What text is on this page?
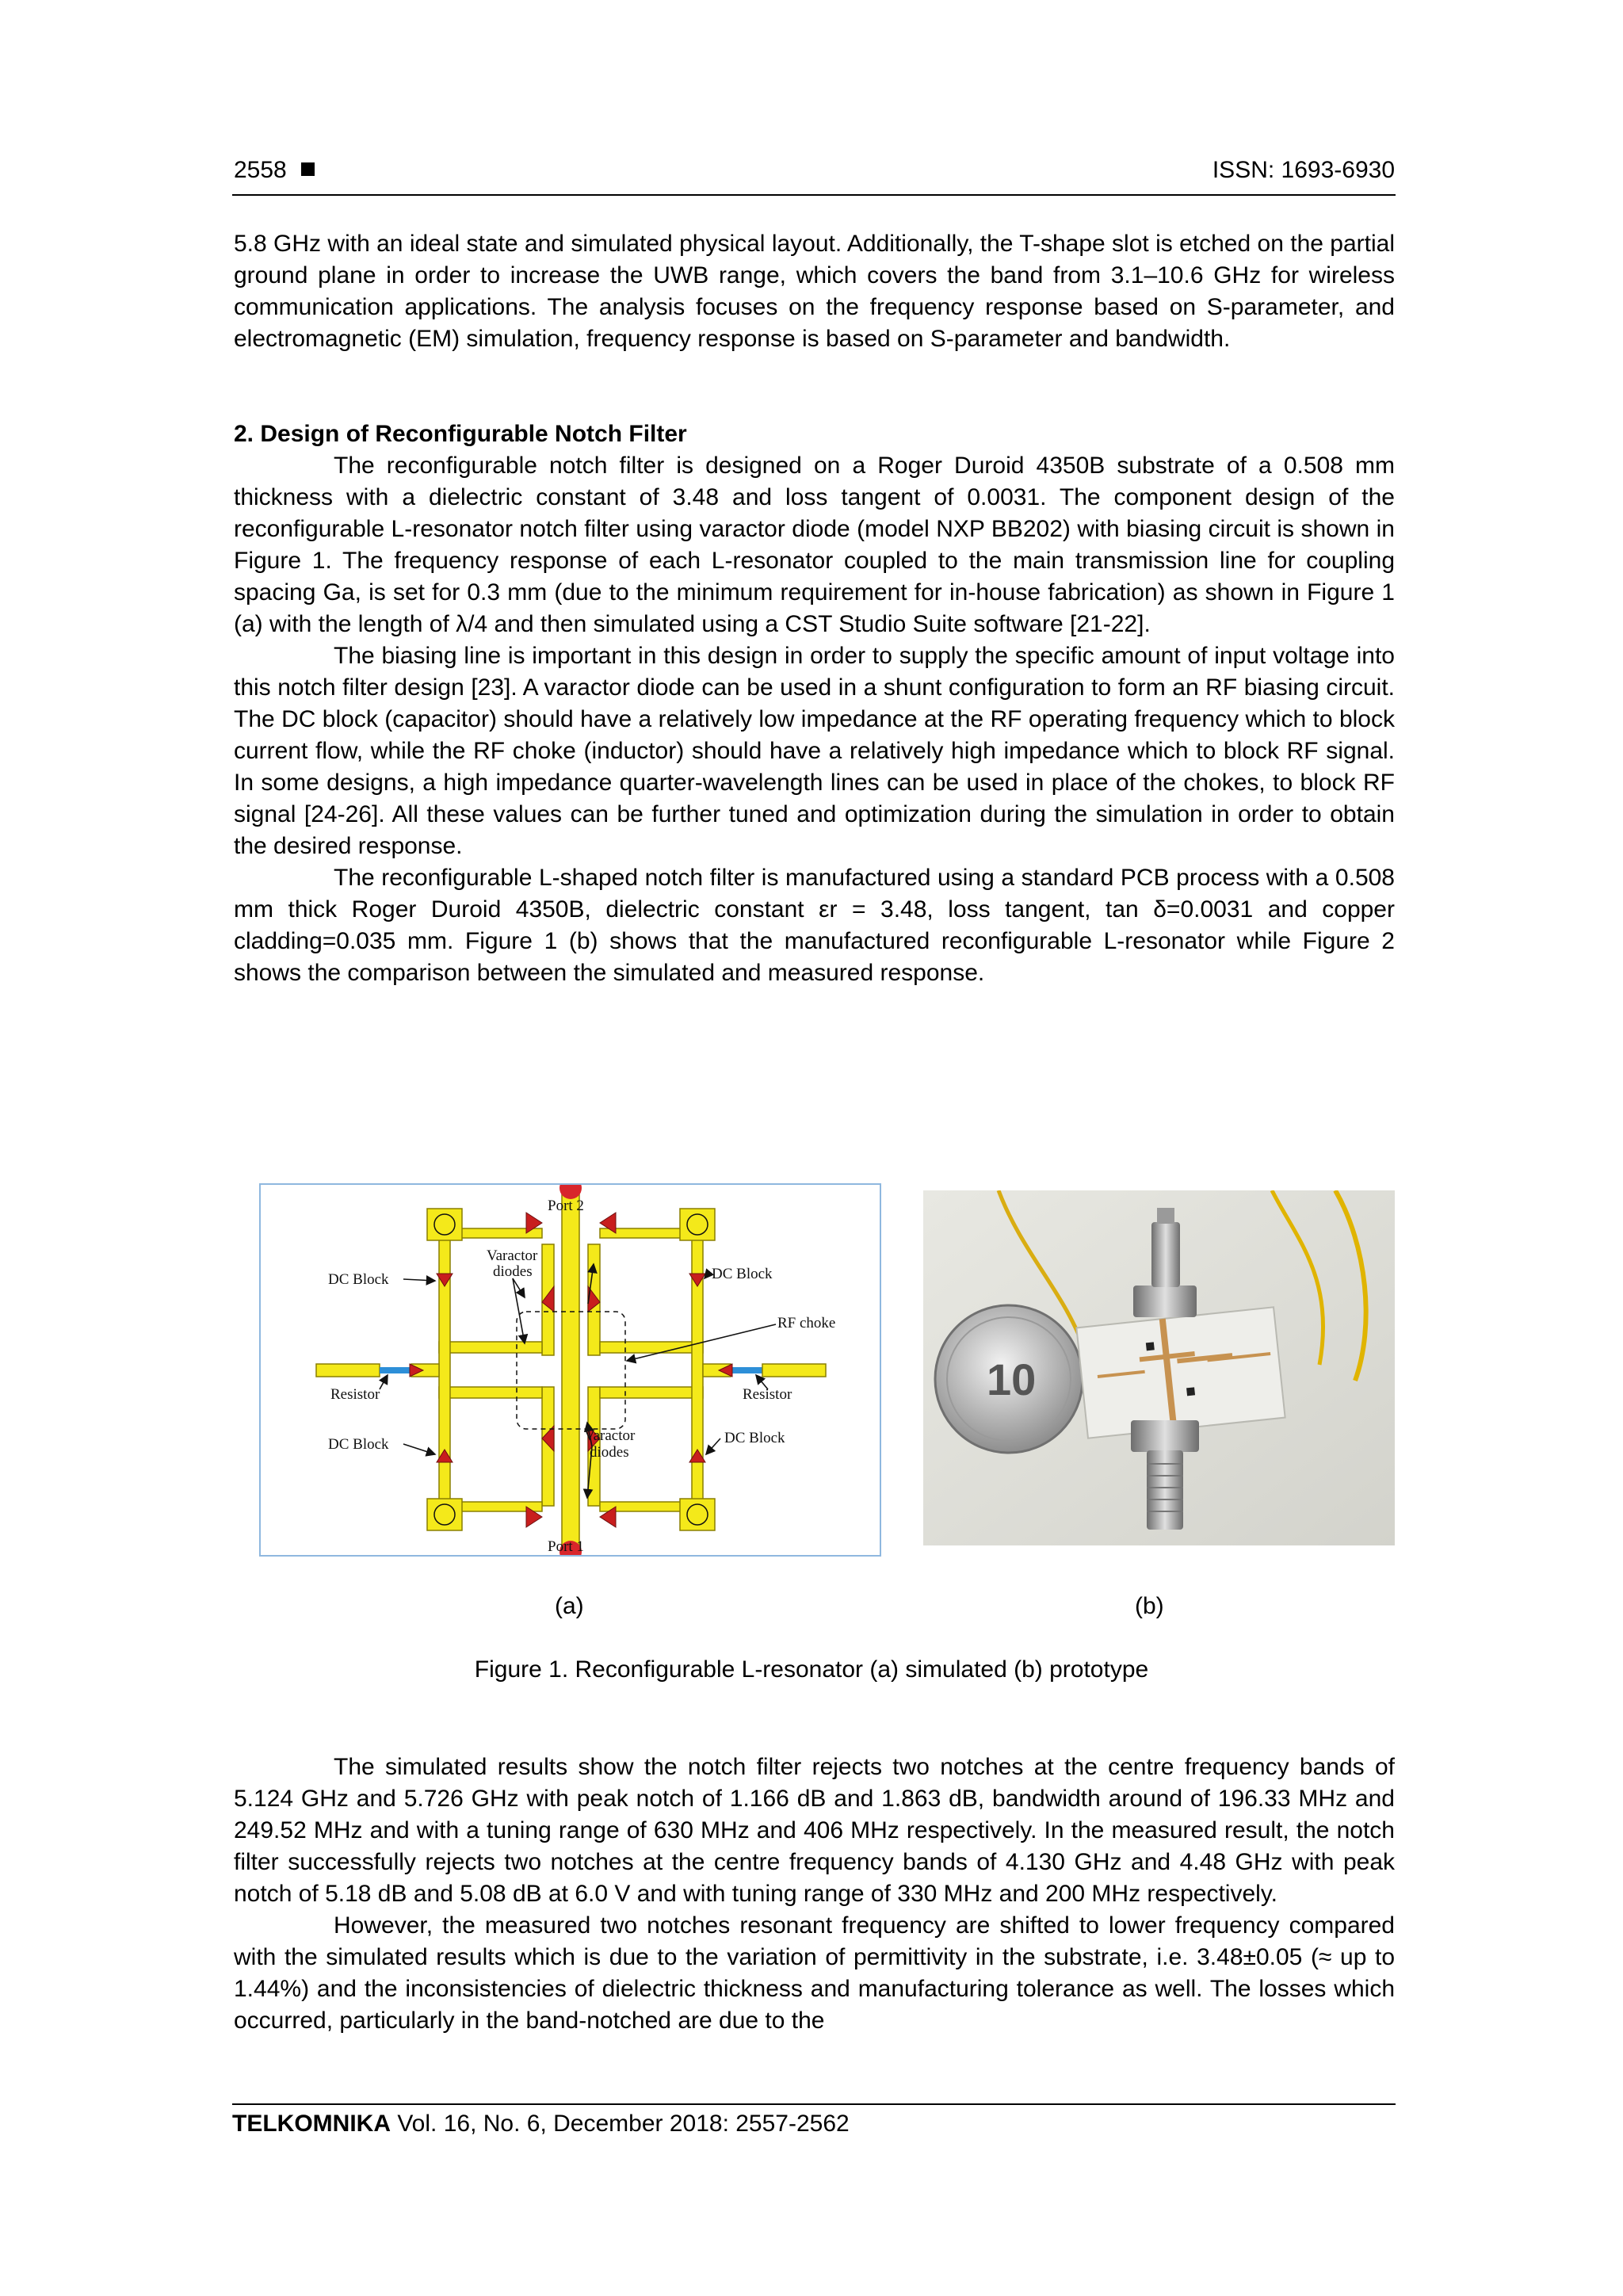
2558	ISSN: 1693-6930

5.8 GHz with an ideal state and simulated physical layout. Additionally, the T-shape slot is etched on the partial ground plane in order to increase the UWB range, which covers the band from 3.1–10.6 GHz for wireless communication applications. The analysis focuses on the frequency response based on S-parameter, and electromagnetic (EM) simulation, frequency response is based on S-parameter and bandwidth.

2. Design of Reconfigurable Notch Filter

The reconfigurable notch filter is designed on a Roger Duroid 4350B substrate of a 0.508 mm thickness with a dielectric constant of 3.48 and loss tangent of 0.0031. The component design of the reconfigurable L-resonator notch filter using varactor diode (model NXP BB202) with biasing circuit is shown in Figure 1. The frequency response of each L-resonator coupled to the main transmission line for coupling spacing Ga, is set for 0.3 mm (due to the minimum requirement for in-house fabrication) as shown in Figure 1 (a) with the length of λ/4 and then simulated using a CST Studio Suite software [21-22].

The biasing line is important in this design in order to supply the specific amount of input voltage into this notch filter design [23]. A varactor diode can be used in a shunt configuration to form an RF biasing circuit. The DC block (capacitor) should have a relatively low impedance at the RF operating frequency which to block current flow, while the RF choke (inductor) should have a relatively high impedance which to block RF signal. In some designs, a high impedance quarter-wavelength lines can be used in place of the chokes, to block RF signal [24-26]. All these values can be further tuned and optimization during the simulation in order to obtain the desired response.

The reconfigurable L-shaped notch filter is manufactured using a standard PCB process with a 0.508 mm thick Roger Duroid 4350B, dielectric constant εr = 3.48, loss tangent, tan δ=0.0031 and copper cladding=0.035 mm. Figure 1 (b) shows that the manufactured reconfigurable L-resonator while Figure 2 shows the comparison between the simulated and measured response.

Port 2
Port 1
Varactor
diodes
Varactor
diodes
DC Block	DC Block
DC Block	DC Block
RF choke
Resistor	Resistor	10
(a)	(b)
Figure 1. Reconfigurable L-resonator (a) simulated (b) prototype

The simulated results show the notch filter rejects two notches at the centre frequency bands of 5.124 GHz and 5.726 GHz with peak notch of 1.166 dB and 1.863 dB, bandwidth around of 196.33 MHz and 249.52 MHz and with a tuning range of 630 MHz and 406 MHz respectively. In the measured result, the notch filter successfully rejects two notches at the centre frequency bands of 4.130 GHz and 4.48 GHz with peak notch of 5.18 dB and 5.08 dB at 6.0 V and with tuning range of 330 MHz and 200 MHz respectively.

However, the measured two notches resonant frequency are shifted to lower frequency compared with the simulated results which is due to the variation of permittivity in the substrate, i.e. 3.48±0.05 (≈ up to 1.44%) and the inconsistencies of dielectric thickness and manufacturing tolerance as well. The losses which occurred, particularly in the band-notched are due to the

TELKOMNIKA Vol. 16, No. 6, December 2018: 2557-2562
